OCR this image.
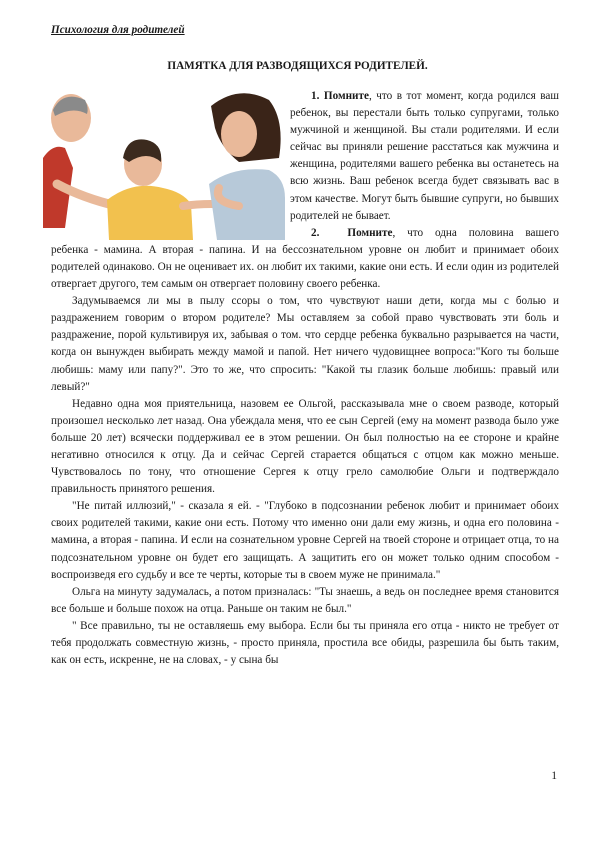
Психология для родителей
ПАМЯТКА ДЛЯ РАЗВОДЯЩИХСЯ РОДИТЕЛЕЙ.

1. Помните, что в тот момент, когда родился ваш ребенок, вы перестали быть только супругами, только мужчиной и женщиной. Вы стали родителями. И если сейчас вы приняли решение расстаться как мужчина и женщина, родителями вашего ребенка вы останетесь на всю жизнь. Ваш ребенок всегда будет связывать вас в этом качестве. Могут быть бывшие супруги, но бывших родителей не бывает.

2.	Помните, что одна половина вашего ребенка - мамина. А вторая - папина. И на бессознательном уровне он любит и принимает обоих родителей одинаково. Он не оценивает их. он любит их такими, какие они есть. И если один из родителей отвергает другого, тем самым он отвергает половину своего ребенка.

Задумываемся ли мы в пылу ссоры о том, что чувствуют наши дети, когда мы с болью и раздражением говорим о втором родителе? Мы оставляем за собой право чувствовать эти боль и раздражение, порой культивируя их, забывая о том. что сердце ребенка буквально разрывается на части, когда он вынужден выбирать между мамой и папой. Нет ничего чудовищнее вопроса:"Кого ты больше любишь: маму или папу?". Это то же, что спросить: "Какой ты глазик больше любишь: правый или левый?"

Недавно одна моя приятельница, назовем ее Ольгой, рассказывала мне о своем разводе, который произошел несколько лет назад. Она убеждала меня, что ее сын Сергей (ему на момент развода было уже больше 20 лет) всячески поддерживал ее в этом решении. Он был полностью на ее стороне и крайне негативно относился к отцу. Да и сейчас Сергей старается общаться с отцом как можно меньше. Чувствовалось по тону, что отношение Сергея к отцу грело самолюбие Ольги и подтверждало правильность принятого решения.

"Не питай иллюзий," - сказала я ей. - "Глубоко в подсознании ребенок любит и принимает обоих своих родителей такими, какие они есть. Потому что именно они дали ему жизнь, и одна его половина - мамина, а вторая - папина. И если на сознательном уровне Сергей на твоей стороне и отрицает отца, то на подсознательном уровне он будет его защищать. А защитить его он может только одним способом - воспроизведя его судьбу и все те черты, которые ты в своем муже не принимала."

Ольга на минуту задумалась, а потом призналась: "Ты знаешь, а ведь он последнее время становится все больше и больше похож на отца. Раньше он таким не был."

" Все правильно, ты не оставляешь ему выбора. Если бы ты приняла его отца - никто не требует от тебя продолжать совместную жизнь, - просто приняла, простила все обиды, разрешила бы быть таким, как он есть, искренне, не на словах, - у сына бы

1
